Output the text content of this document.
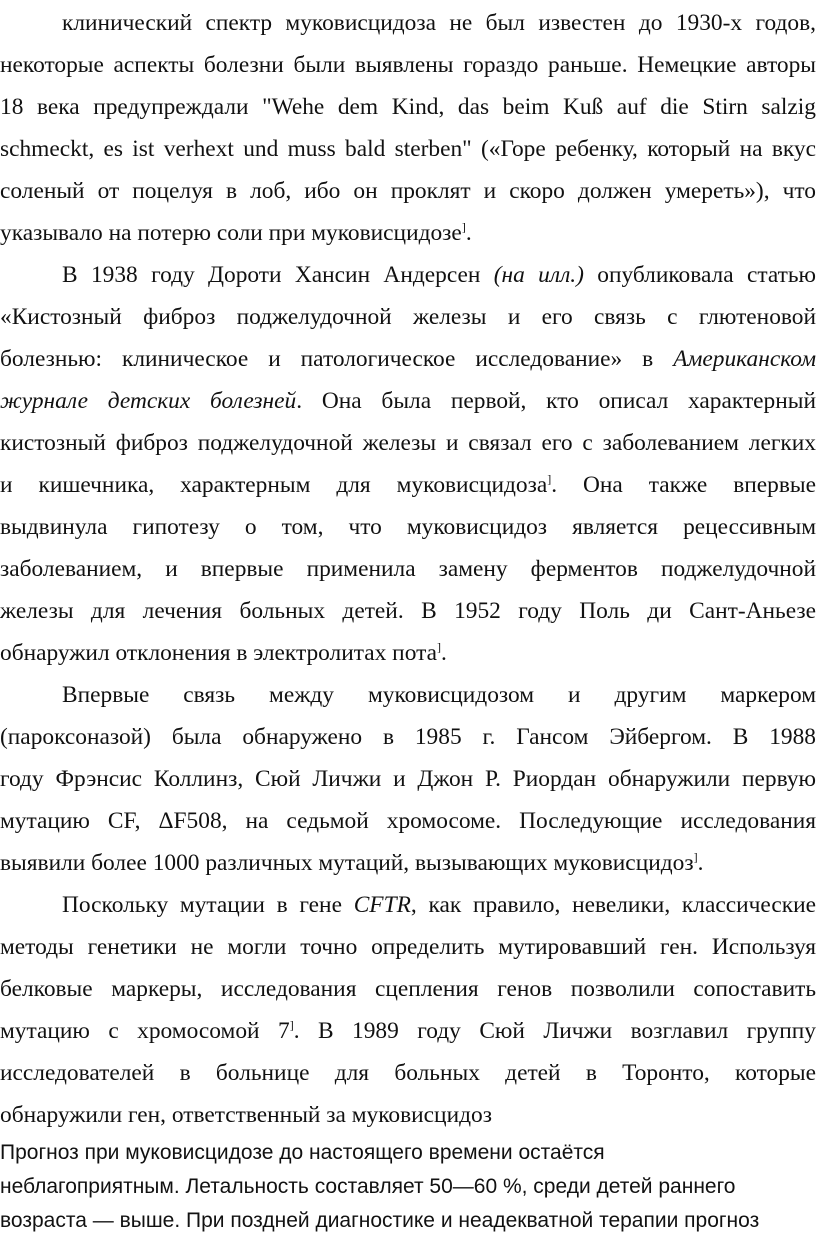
клинический спектр муковисцидоза не был известен до 1930-х годов,
некоторые аспекты болезни были выявлены гораздо раньше. Немецкие авторы
18 века предупреждали "Wehe dem Kind, das beim Kuß auf die Stirn salzig
schmeckt, es ist verhext und muss bald sterben" («Горе ребенку, который на вкус
соленый от поцелуя в лоб, ибо он проклят и скоро должен умереть»), что
указывало на потерю соли при муковисцидозе].
В 1938 году Дороти Хансин Андерсен (на илл.) опубликовала статью
«Кистозный фиброз поджелудочной железы и его связь с глютеновой
болезнью: клиническое и патологическое исследование» в Американском
журнале детских болезней. Она была первой, кто описал характерный
кистозный фиброз поджелудочной железы и связал его с заболеванием легких
и кишечника, характерным для муковисцидоза]. Она также впервые
выдвинула гипотезу о том, что муковисцидоз является рецессивным
заболеванием, и впервые применила замену ферментов поджелудочной
железы для лечения больных детей. В 1952 году Поль ди Сант-Аньезе
обнаружил отклонения в электролитах пота].
Впервые связь между муковисцидозом и другим маркером
(пароксоназой) была обнаружено в 1985 г. Гансом Эйбергом. В 1988
году Фрэнсис Коллинз, Сюй Личжи и Джон Р. Риордан обнаружили первую
мутацию CF, ΔF508, на седьмой хромосоме. Последующие исследования
выявили более 1000 различных мутаций, вызывающих муковисцидоз].
Поскольку мутации в гене CFTR, как правило, невелики, классические
методы генетики не могли точно определить мутировавший ген. Используя
белковые маркеры, исследования сцепления генов позволили сопоставить
мутацию с хромосомой 7]. В 1989 году Сюй Личжи возглавил группу
исследователей в больнице для больных детей в Торонто, которые
обнаружили ген, ответственный за муковисцидоз
Прогноз при муковисцидозе до настоящего времени остаётся
неблагоприятным. Летальность составляет 50—60 %, среди детей раннего
возраста — выше. При поздней диагностике и неадекватной терапии прогноз
